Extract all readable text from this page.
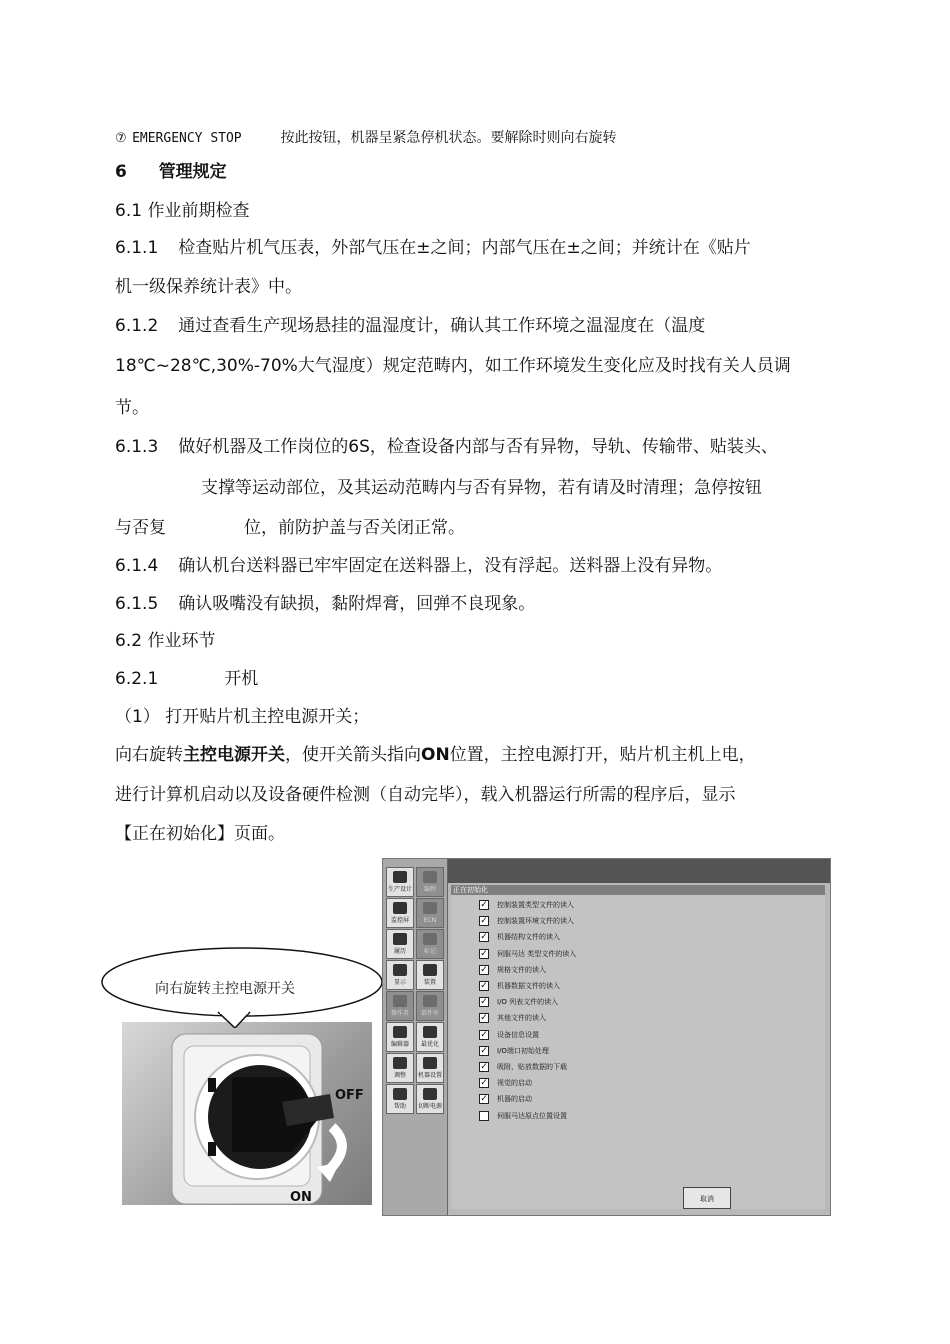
⑦ EMERGENCY STOP	按此按钮，机器呈紧急停机状态。要解除时则向右旋转
6 管理规定
6.1 作业前期检查
6.1.1 检查贴片机气压表，外部气压在±之间；内部气压在±之间；并统计在《贴片
机一级保养统计表》中。
6.1.2 通过查看生产现场悬挂的温湿度计，确认其工作环境之温湿度在（温度
18℃~28℃,30%-70%大气湿度）规定范畴内，如工作环境发生变化应及时找有关人员调
节。
6.1.3 做好机器及工作岗位的6S，检查设备内部与否有异物，导轨、传输带、贴装头、
支撑等运动部位，及其运动范畴内与否有异物，若有请及时清理；急停按钮
与否复	位，前防护盖与否关闭正常。
6.1.4 确认机台送料器已牢牢固定在送料器上，没有浮起。送料器上没有异物。
6.1.5 确认吸嘴没有缺损，黏附焊膏，回弹不良现象。
6.2 作业环节
6.2.1	开机
（1） 打开贴片机主控电源开关；
向右旋转主控电源开关，使开关箭头指向ON位置，主控电源打开，贴片机主机上电，
进行计算机启动以及设备硬件检测（自动完毕），载入机器运行所需的程序后，显示
【正在初始化】页面。
OFF
ON
向右旋转主控电源开关
生产设计	编程
监控屏	ECN
履历	标记
显示	装置
操作者	部件库
编辑器	最优化
调整	机器设置
帮助	切断电源
正在初始化
✓ 控制装置类型文件的读入
✓ 控制装置环境文件的读入
✓ 机器结构文件的读入
✓ 伺服马达 类型文件的读入
✓ 规格文件的读入
✓ 机器数据文件的读入
✓ I/O 列表文件的读入
✓ 其他文件的读入
✓ 设备信息设置
✓ I/O端口初始处理
✓ 吸附、贴放数据的下载
✓ 视觉的启动
✓ 机器的启动
伺服马达原点位置设置
取消
